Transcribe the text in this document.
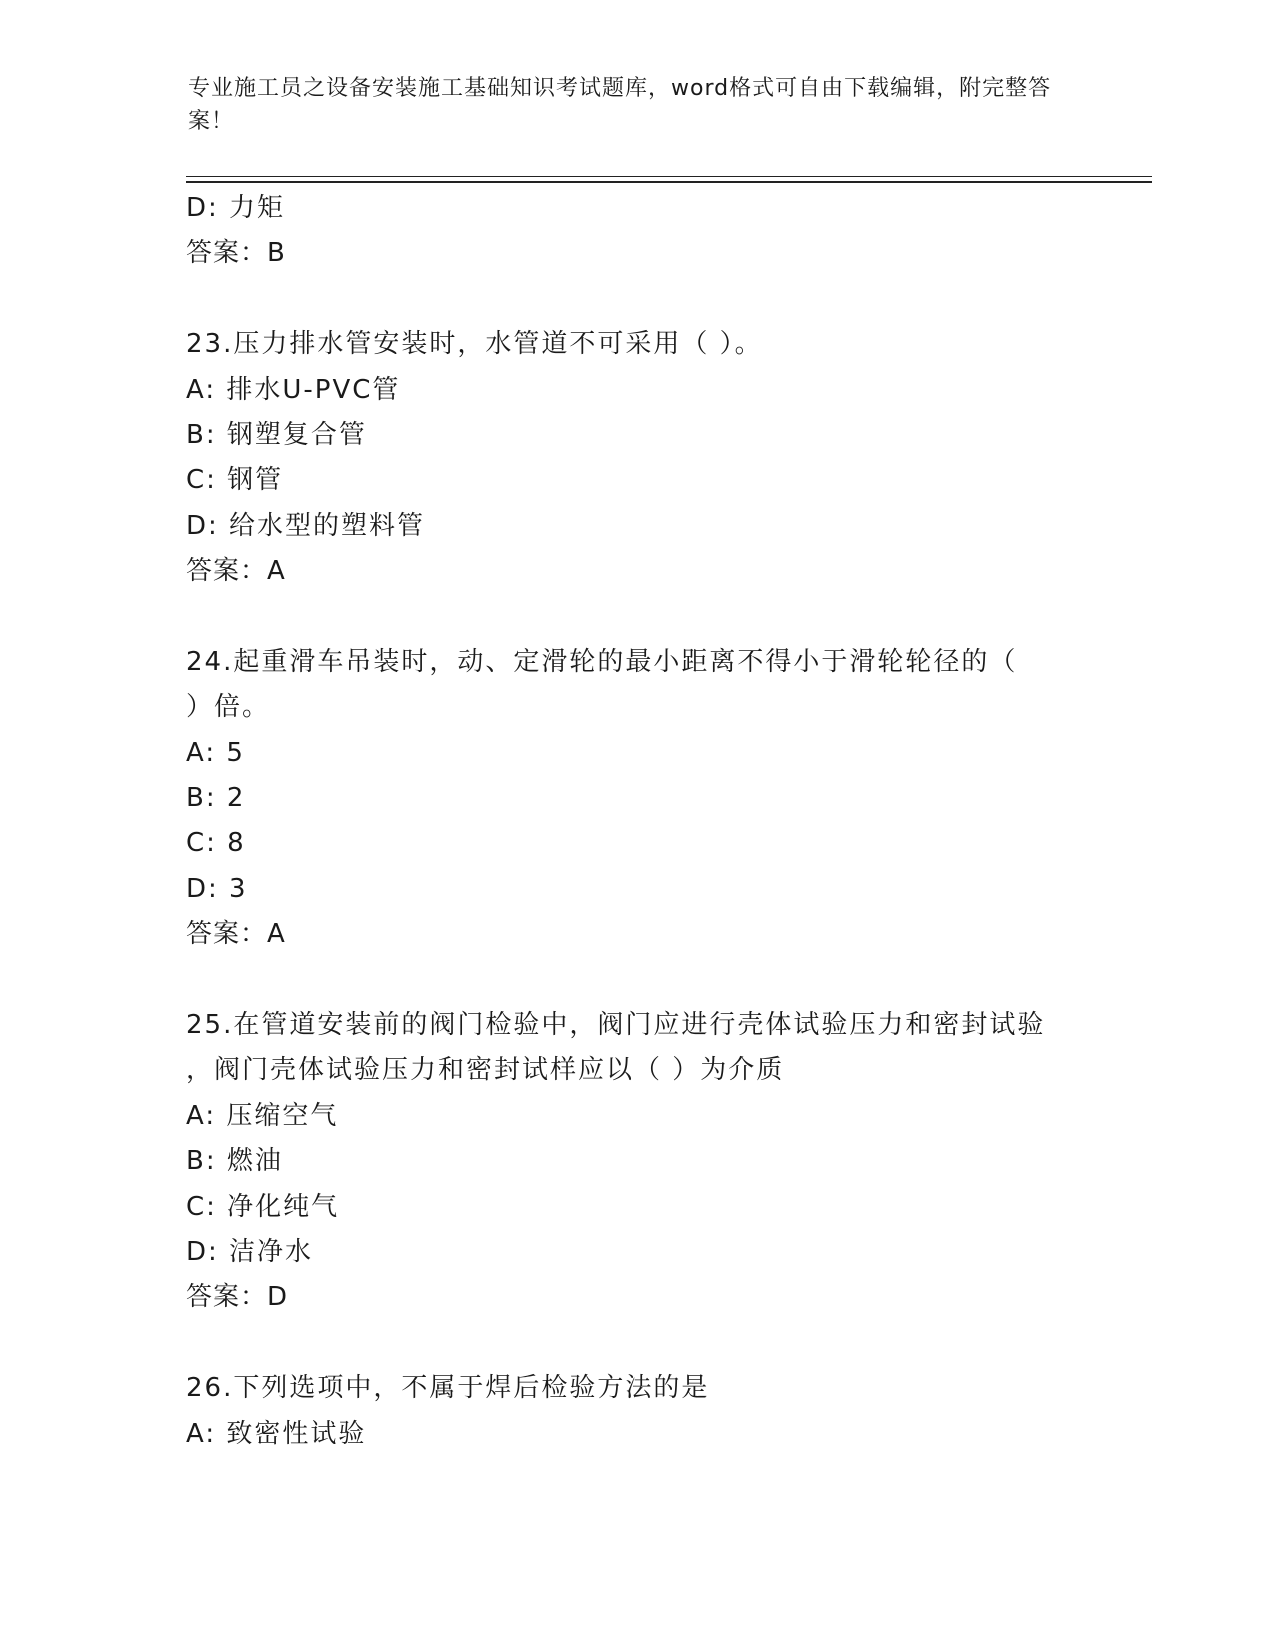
专业施工员之设备安装施工基础知识考试题库，word格式可自由下载编辑，附完整答案！
D: 力矩
答案：B
23.压力排水管安装时，水管道不可采用（ ）。
A: 排水U-PVC管
B: 钢塑复合管
C: 钢管
D: 给水型的塑料管
答案：A
24.起重滑车吊装时，动、定滑轮的最小距离不得小于滑轮轮径的（
）倍。
A: 5
B: 2
C: 8
D: 3
答案：A
25.在管道安装前的阀门检验中，阀门应进行壳体试验压力和密封试验
，阀门壳体试验压力和密封试样应以（ ）为介质
A: 压缩空气
B: 燃油
C: 净化纯气
D: 洁净水
答案：D
26.下列选项中，不属于焊后检验方法的是
A: 致密性试验
